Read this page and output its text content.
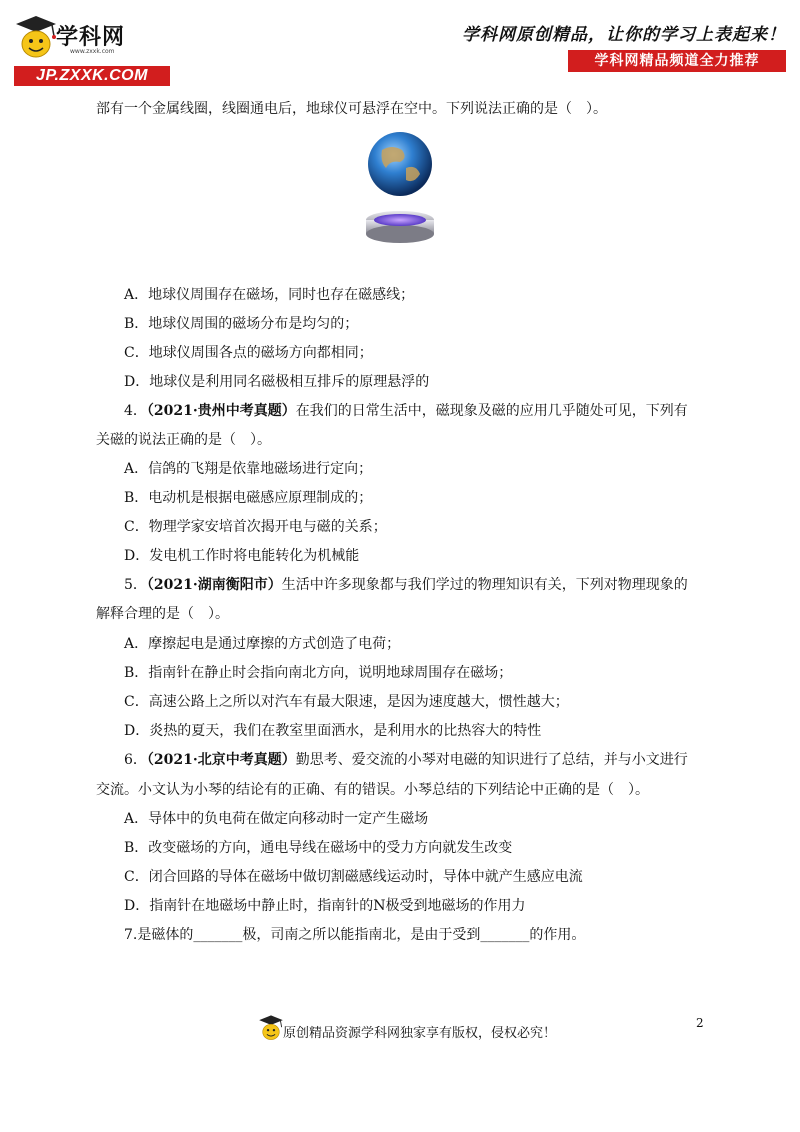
学科网
www.zxxk.com
JP.ZXXK.COM
学科网原创精品，让你的学习上表起来！
学科网精品频道全力推荐
部有一个金属线圈，线圈通电后，地球仪可悬浮在空中。下列说法正确的是（　）。
A．地球仪周围存在磁场，同时也存在磁感线；
B．地球仪周围的磁场分布是均匀的；
C．地球仪周围各点的磁场方向都相同；
D．地球仪是利用同名磁极相互排斥的原理悬浮的
4．（2021·贵州中考真题）在我们的日常生活中，磁现象及磁的应用几乎随处可见，下列有
关磁的说法正确的是（　）。
A．信鸽的飞翔是依靠地磁场进行定向；
B．电动机是根据电磁感应原理制成的；
C．物理学家安培首次揭开电与磁的关系；
D．发电机工作时将电能转化为机械能
5．（2021·湖南衡阳市）生活中许多现象都与我们学过的物理知识有关，下列对物理现象的
解释合理的是（　）。
A．摩擦起电是通过摩擦的方式创造了电荷；
B．指南针在静止时会指向南北方向，说明地球周围存在磁场；
C．高速公路上之所以对汽车有最大限速，是因为速度越大，惯性越大；
D．炎热的夏天，我们在教室里面洒水，是利用水的比热容大的特性
6．（2021·北京中考真题）勤思考、爱交流的小琴对电磁的知识进行了总结，并与小文进行
交流。小文认为小琴的结论有的正确、有的错误。小琴总结的下列结论中正确的是（　）。
A．导体中的负电荷在做定向移动时一定产生磁场
B．改变磁场的方向，通电导线在磁场中的受力方向就发生改变
C．闭合回路的导体在磁场中做切割磁感线运动时，导体中就产生感应电流
D．指南针在地磁场中静止时，指南针的N极受到地磁场的作用力
7.是磁体的_______极，司南之所以能指南北，是由于受到_______的作用。
2
原创精品资源学科网独家享有版权，侵权必究！
